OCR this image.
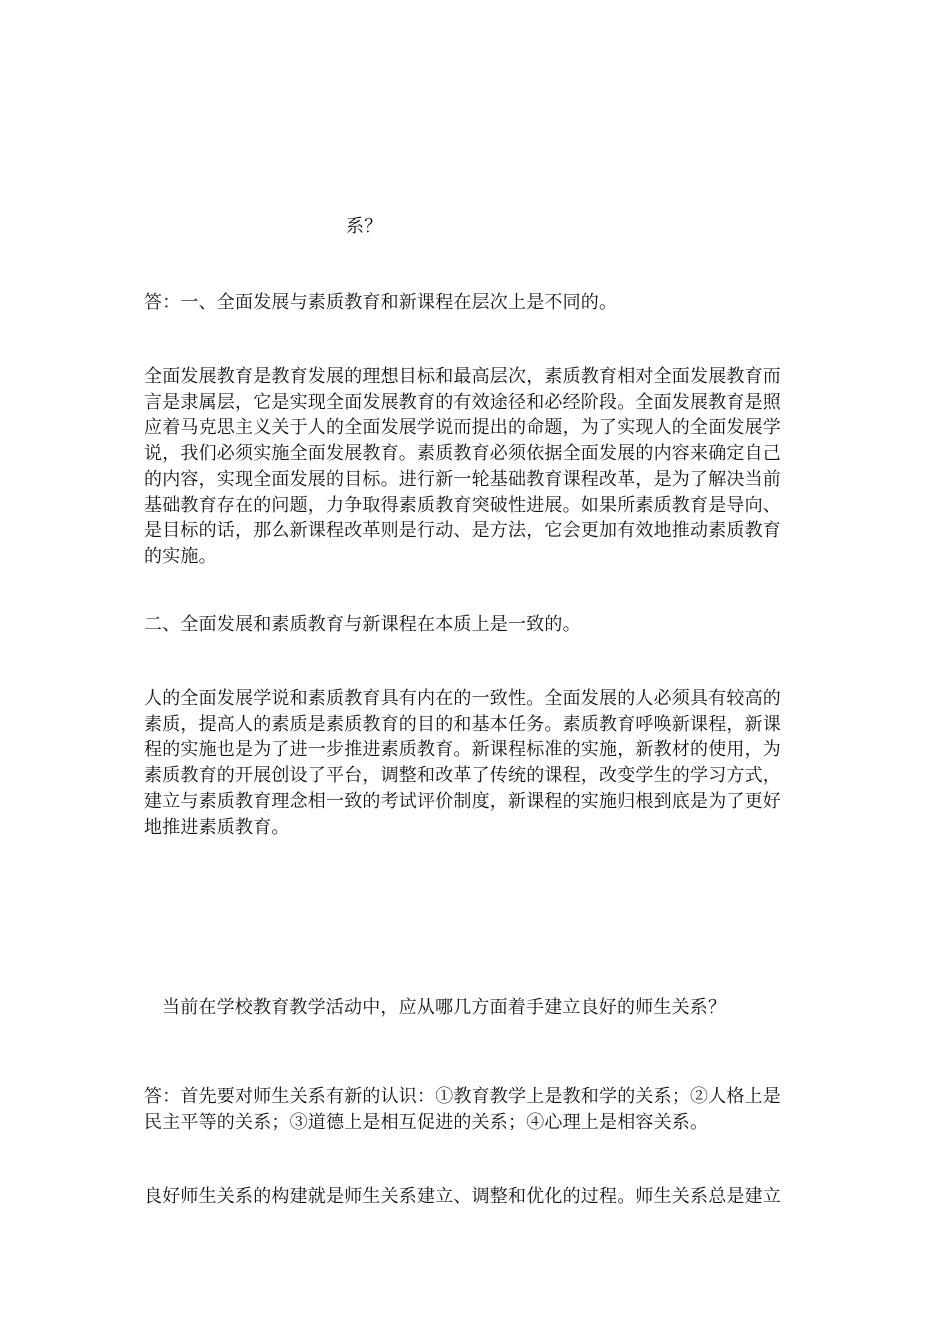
系？
答：一、全面发展与素质教育和新课程在层次上是不同的。
全面发展教育是教育发展的理想目标和最高层次，素质教育相对全面发展教育而
言是隶属层，它是实现全面发展教育的有效途径和必经阶段。全面发展教育是照
应着马克思主义关于人的全面发展学说而提出的命题，为了实现人的全面发展学
说，我们必须实施全面发展教育。素质教育必须依据全面发展的内容来确定自己
的内容，实现全面发展的目标。进行新一轮基础教育课程改革，是为了解决当前
基础教育存在的问题，力争取得素质教育突破性进展。如果所素质教育是导向、
是目标的话，那么新课程改革则是行动、是方法，它会更加有效地推动素质教育
的实施。
二、全面发展和素质教育与新课程在本质上是一致的。
人的全面发展学说和素质教育具有内在的一致性。全面发展的人必须具有较高的
素质，提高人的素质是素质教育的目的和基本任务。素质教育呼唤新课程，新课
程的实施也是为了进一步推进素质教育。新课程标准的实施，新教材的使用，为
素质教育的开展创设了平台，调整和改革了传统的课程，改变学生的学习方式，
建立与素质教育理念相一致的考试评价制度，新课程的实施归根到底是为了更好
地推进素质教育。
当前在学校教育教学活动中，应从哪几方面着手建立良好的师生关系？
答：首先要对师生关系有新的认识：①教育教学上是教和学的关系；②人格上是
民主平等的关系；③道德上是相互促进的关系；④心理上是相容关系。
良好师生关系的构建就是师生关系建立、调整和优化的过程。师生关系总是建立
